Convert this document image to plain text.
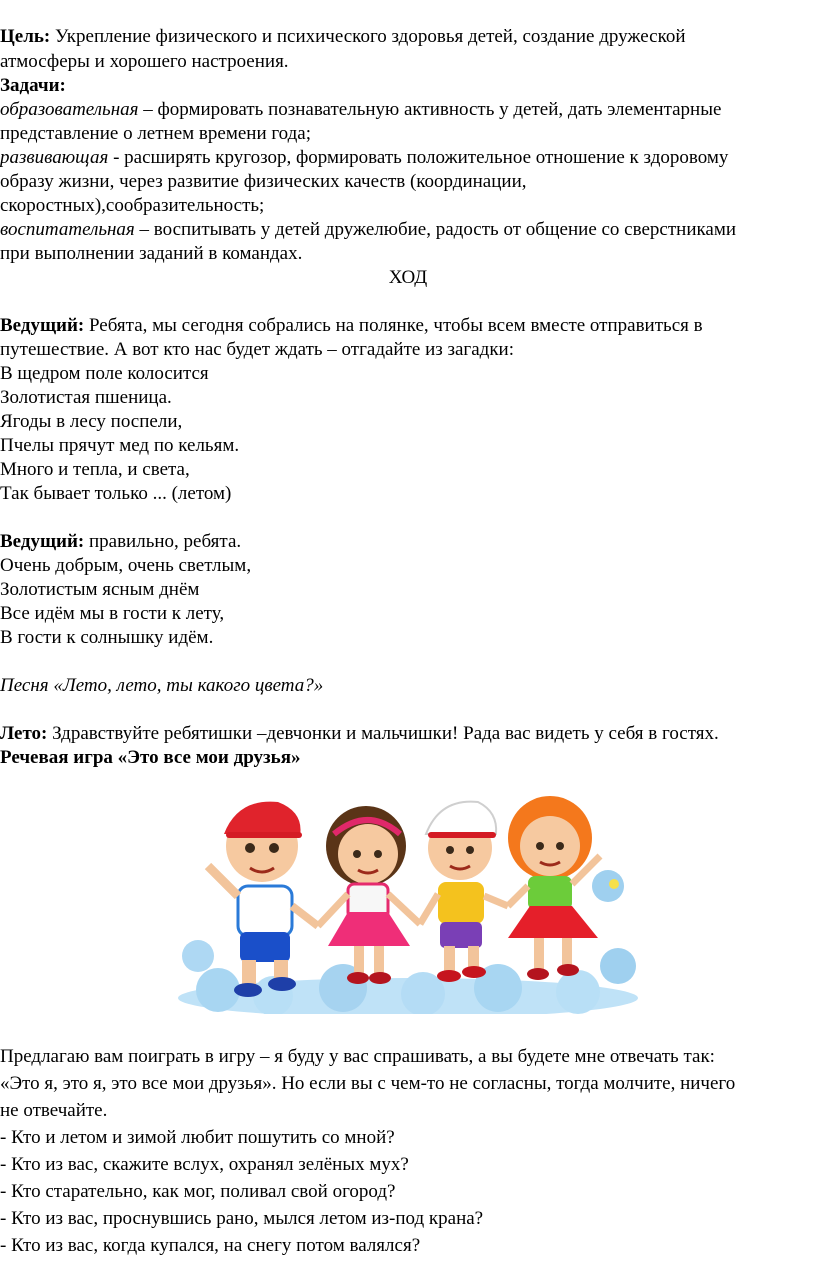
Цель: Укрепление физического и психического здоровья детей, создание дружеской
атмосферы и хорошего настроения.
Задачи:
образовательная – формировать познавательную активность у детей, дать элементарные
представление о летнем времени года;
развивающая - расширять кругозор, формировать положительное отношение к здоровому
образу жизни, через развитие физических качеств (координации,
скоростных),сообразительность;
воспитательная – воспитывать у детей дружелюбие, радость от общение со сверстниками
при выполнении заданий в командах.
ХОД
Ведущий: Ребята, мы сегодня собрались на полянке, чтобы всем вместе отправиться в
путешествие. А вот кто нас будет ждать – отгадайте из загадки:
В щедром поле колосится
Золотистая пшеница.
Ягоды в лесу поспели,
Пчелы прячут мед по кельям.
Много и тепла, и света,
Так бывает только ... (летом)
Ведущий: правильно, ребята.
Очень добрым, очень светлым,
Золотистым ясным днём
Все идём мы в гости к лету,
В гости к солнышку идём.
Песня «Лето, лето, ты какого цвета?»
Лето: Здравствуйте ребятишки –девчонки и мальчишки! Рада вас видеть у себя в гостях.
Речевая игра «Это все мои друзья»
Предлагаю вам поиграть в игру – я буду у вас спрашивать, а вы будете мне отвечать так:
«Это я, это я, это все мои друзья». Но если вы с чем-то не согласны, тогда молчите, ничего
не отвечайте.
- Кто и летом и зимой любит пошутить со мной?
- Кто из вас, скажите вслух, охранял зелёных мух?
- Кто старательно, как мог, поливал свой огород?
- Кто из вас, проснувшись рано, мылся летом из-под крана?
- Кто из вас, когда купался, на снегу потом валялся?
